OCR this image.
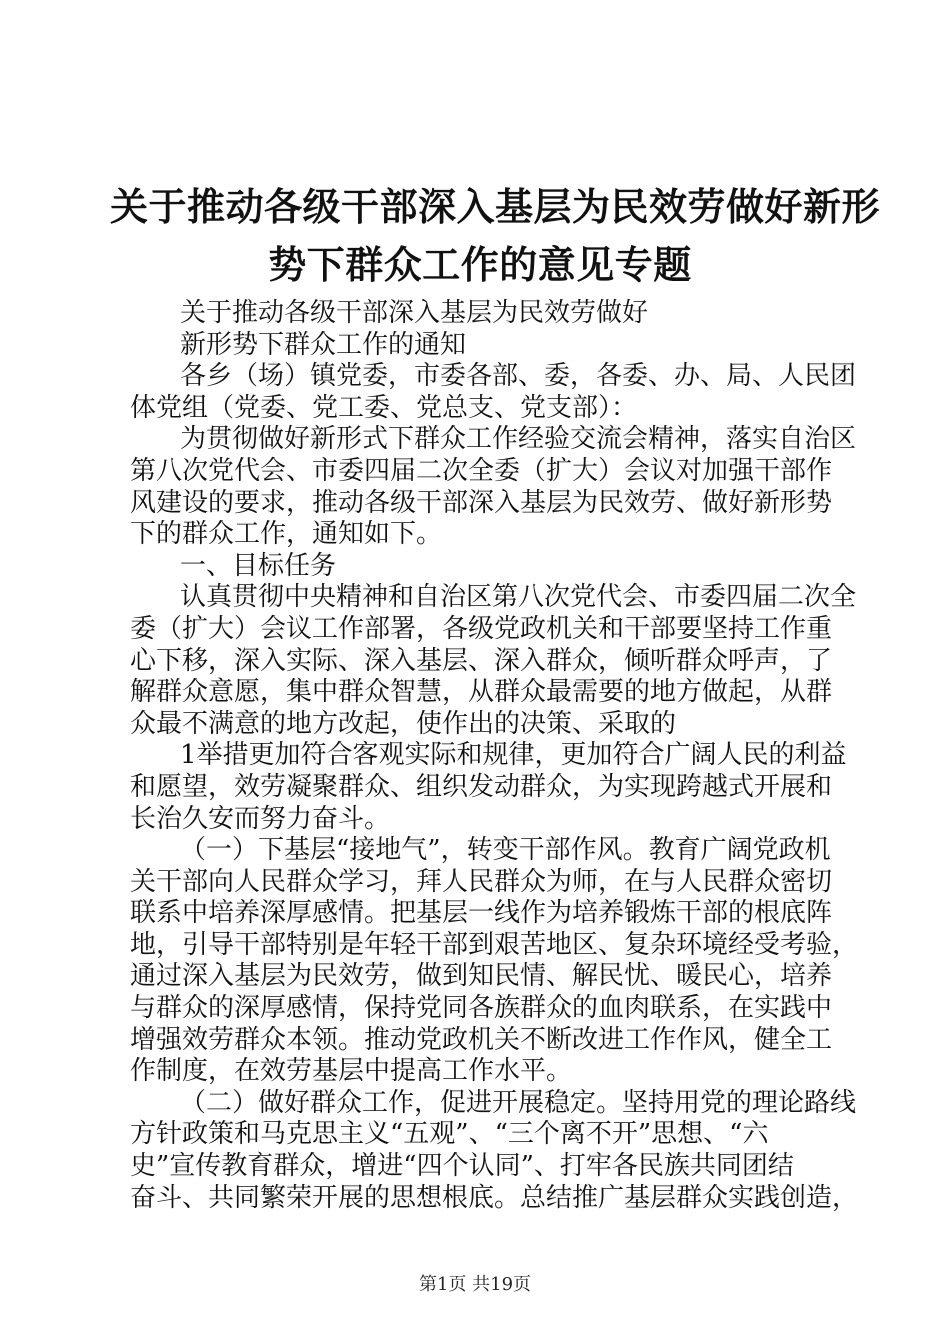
关于推动各级干部深入基层为民效劳做好新形
势下群众工作的意见专题

关于推动各级干部深入基层为民效劳做好

新形势下群众工作的通知

各乡（场）镇党委，市委各部、委，各委、办、局、人民团

体党组（党委、党工委、党总支、党支部）：

为贯彻做好新形式下群众工作经验交流会精神，落实自治区

第八次党代会、市委四届二次全委（扩大）会议对加强干部作

风建设的要求，推动各级干部深入基层为民效劳、做好新形势

下的群众工作，通知如下。

一、目标任务

认真贯彻中央精神和自治区第八次党代会、市委四届二次全

委（扩大）会议工作部署，各级党政机关和干部要坚持工作重

心下移，深入实际、深入基层、深入群众，倾听群众呼声，了

解群众意愿，集中群众智慧，从群众最需要的地方做起，从群

众最不满意的地方改起，使作出的决策、采取的

1举措更加符合客观实际和规律，更加符合广阔人民的利益

和愿望，效劳凝聚群众、组织发动群众，为实现跨越式开展和

长治久安而努力奋斗。

（一）下基层“接地气”，转变干部作风。教育广阔党政机

关干部向人民群众学习，拜人民群众为师，在与人民群众密切

联系中培养深厚感情。把基层一线作为培养锻炼干部的根底阵

地，引导干部特别是年轻干部到艰苦地区、复杂环境经受考验，

通过深入基层为民效劳，做到知民情、解民忧、暖民心，培养

与群众的深厚感情，保持党同各族群众的血肉联系，在实践中

增强效劳群众本领。推动党政机关不断改进工作作风，健全工

作制度，在效劳基层中提高工作水平。

（二）做好群众工作，促进开展稳定。坚持用党的理论路线

方针政策和马克思主义“五观”、“三个离不开”思想、“六

史”宣传教育群众，增进“四个认同”、打牢各民族共同团结

奋斗、共同繁荣开展的思想根底。总结推广基层群众实践创造，

第1页 共19页
